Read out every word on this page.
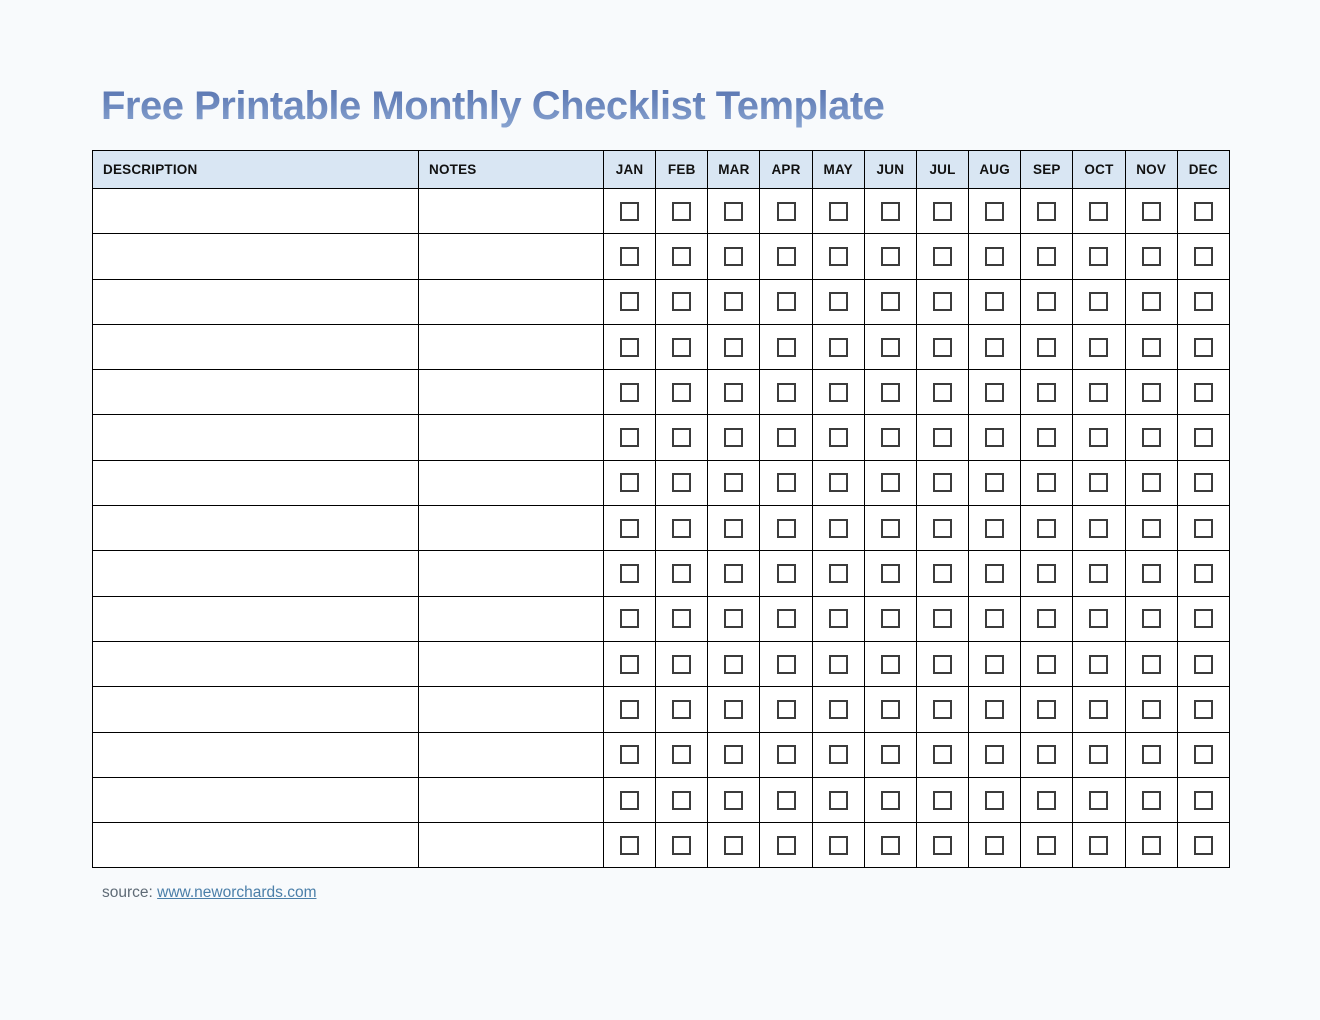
Free Printable Monthly Checklist Template
DESCRIPTION	NOTES	JAN	FEB	MAR	APR	MAY	JUN	JUL	AUG	SEP	OCT	NOV	DEC

source: www.neworchards.com
